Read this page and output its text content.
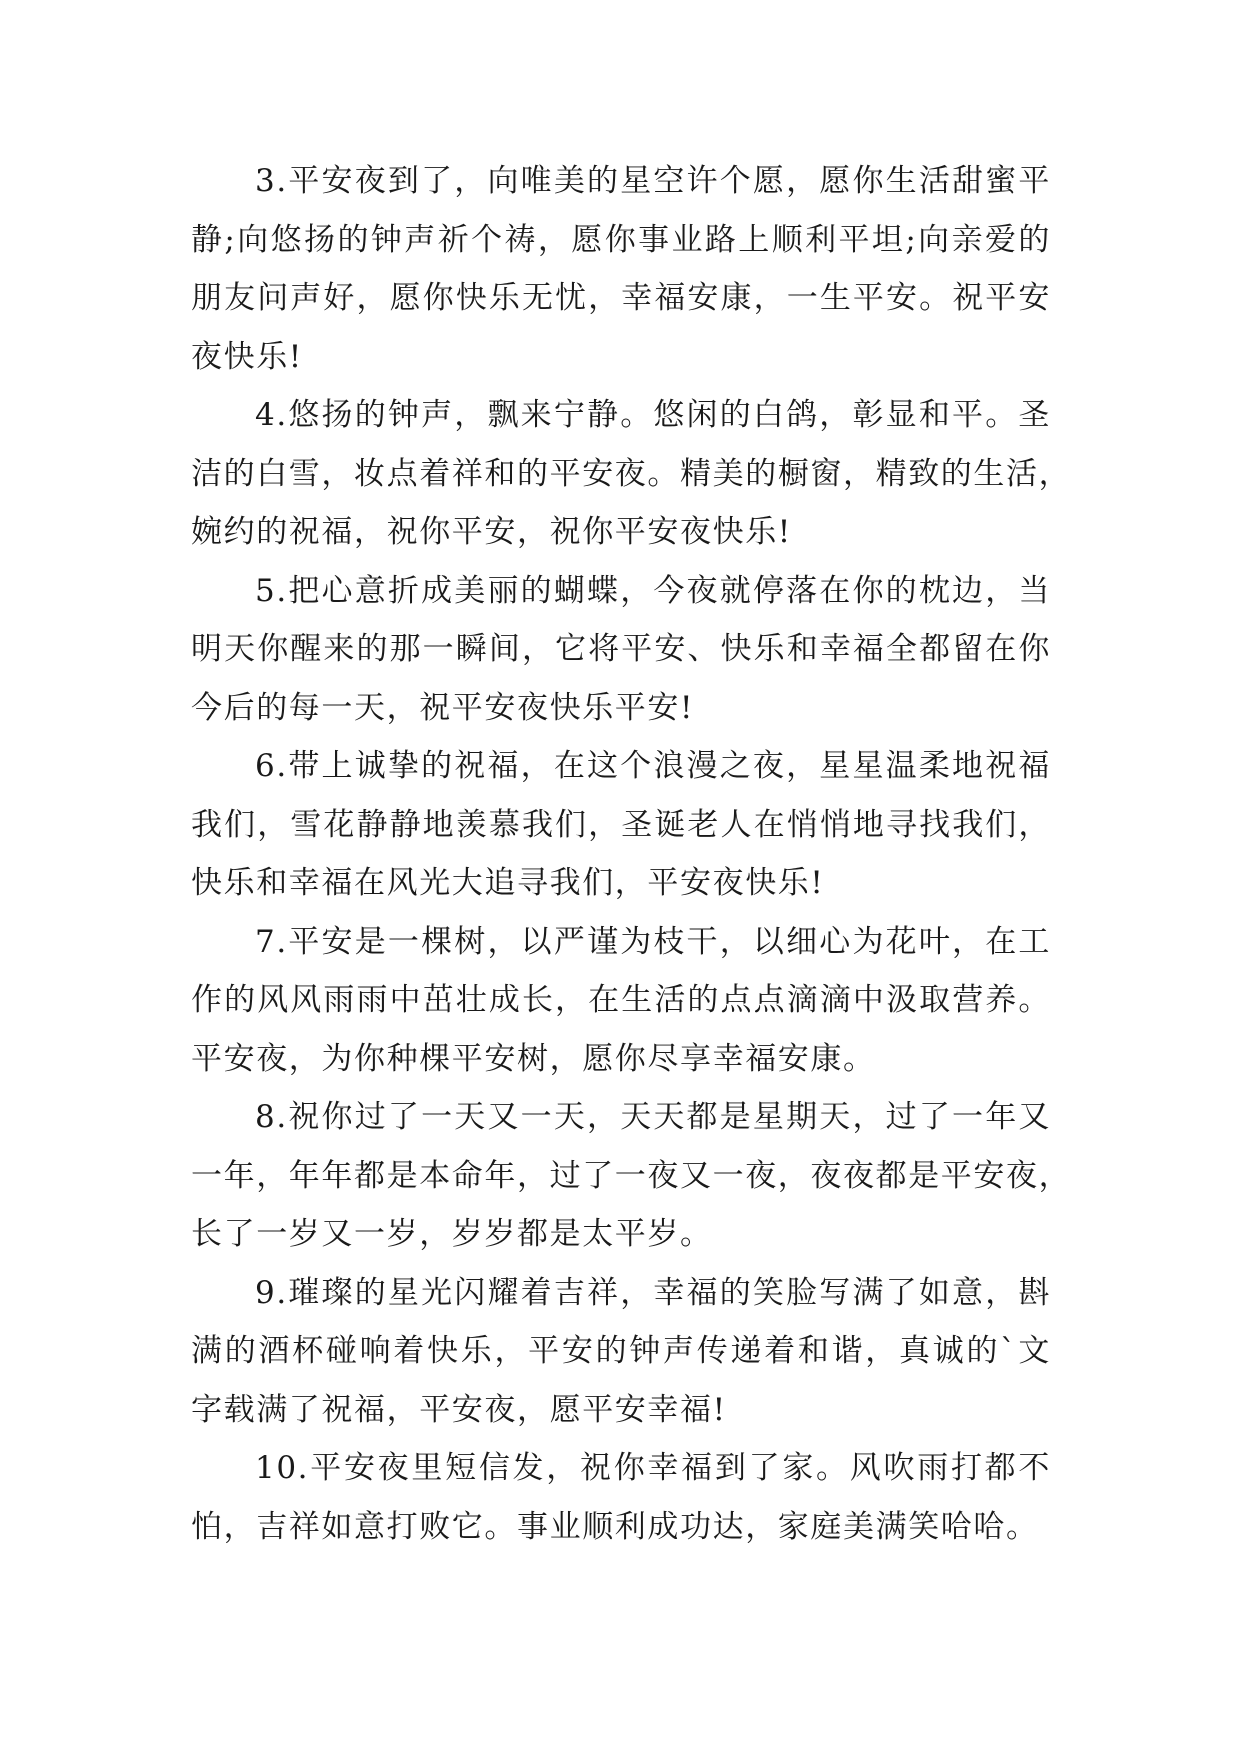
3.平安夜到了，向唯美的星空许个愿，愿你生活甜蜜平
静;向悠扬的钟声祈个祷，愿你事业路上顺利平坦;向亲爱的
朋友问声好，愿你快乐无忧，幸福安康，一生平安。祝平安
夜快乐!
4.悠扬的钟声，飘来宁静。悠闲的白鸽，彰显和平。圣
洁的白雪，妆点着祥和的平安夜。精美的橱窗，精致的生活，
婉约的祝福，祝你平安，祝你平安夜快乐!
5.把心意折成美丽的蝴蝶，今夜就停落在你的枕边，当
明天你醒来的那一瞬间，它将平安、快乐和幸福全都留在你
今后的每一天，祝平安夜快乐平安!
6.带上诚挚的祝福，在这个浪漫之夜，星星温柔地祝福
我们，雪花静静地羡慕我们，圣诞老人在悄悄地寻找我们，
快乐和幸福在风光大追寻我们，平安夜快乐!
7.平安是一棵树，以严谨为枝干，以细心为花叶，在工
作的风风雨雨中茁壮成长，在生活的点点滴滴中汲取营养。
平安夜，为你种棵平安树，愿你尽享幸福安康。
8.祝你过了一天又一天，天天都是星期天，过了一年又
一年，年年都是本命年，过了一夜又一夜，夜夜都是平安夜，
长了一岁又一岁，岁岁都是太平岁。
9.璀璨的星光闪耀着吉祥，幸福的笑脸写满了如意，斟
满的酒杯碰响着快乐，平安的钟声传递着和谐，真诚的`文
字载满了祝福，平安夜，愿平安幸福!
10.平安夜里短信发，祝你幸福到了家。风吹雨打都不
怕，吉祥如意打败它。事业顺利成功达，家庭美满笑哈哈。
